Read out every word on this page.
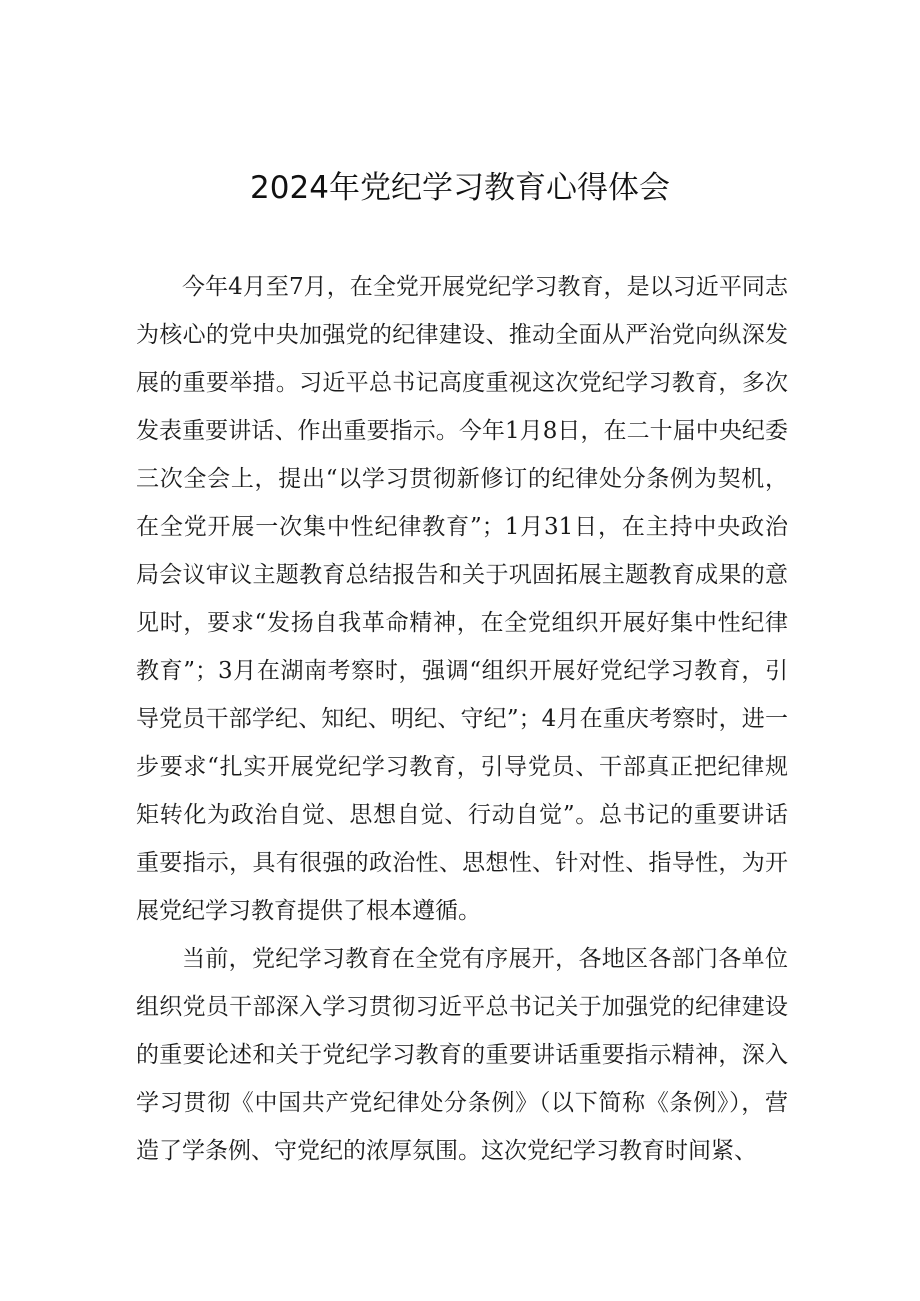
2024年党纪学习教育心得体会

今年4月至7月，在全党开展党纪学习教育，是以习近平同志为核心的党中央加强党的纪律建设、推动全面从严治党向纵深发展的重要举措。习近平总书记高度重视这次党纪学习教育，多次发表重要讲话、作出重要指示。今年1月8日，在二十届中央纪委三次全会上，提出“以学习贯彻新修订的纪律处分条例为契机，在全党开展一次集中性纪律教育”；1月31日，在主持中央政治局会议审议主题教育总结报告和关于巩固拓展主题教育成果的意见时，要求“发扬自我革命精神，在全党组织开展好集中性纪律教育”；3月在湖南考察时，强调“组织开展好党纪学习教育，引导党员干部学纪、知纪、明纪、守纪”；4月在重庆考察时，进一步要求“扎实开展党纪学习教育，引导党员、干部真正把纪律规矩转化为政治自觉、思想自觉、行动自觉”。总书记的重要讲话重要指示，具有很强的政治性、思想性、针对性、指导性，为开展党纪学习教育提供了根本遵循。

当前，党纪学习教育在全党有序展开，各地区各部门各单位组织党员干部深入学习贯彻习近平总书记关于加强党的纪律建设的重要论述和关于党纪学习教育的重要讲话重要指示精神，深入学习贯彻《中国共产党纪律处分条例》（以下简称《条例》），营造了学条例、守党纪的浓厚氛围。这次党纪学习教育时间紧、
